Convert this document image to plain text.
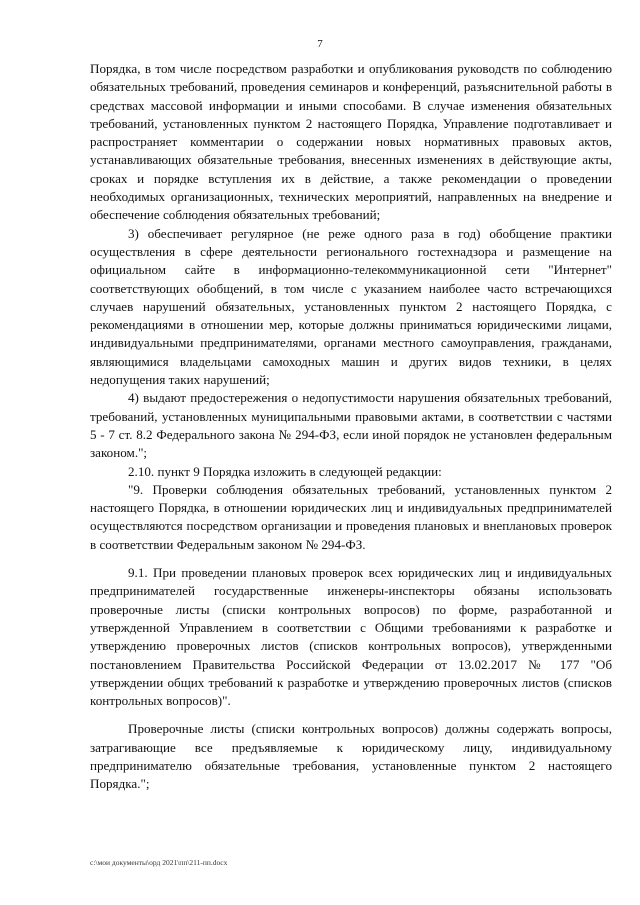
7

Порядка, в том числе посредством разработки и опубликования руководств по соблюдению обязательных требований, проведения семинаров и конференций, разъяснительной работы в средствах массовой информации и иными способами. В случае изменения обязательных требований, установленных пунктом 2 настоящего Порядка, Управление подготавливает и распространяет комментарии о содержании новых нормативных правовых актов, устанавливающих обязательные требования, внесенных изменениях в действующие акты, сроках и порядке вступления их в действие, а также рекомендации о проведении необходимых организационных, технических мероприятий, направленных на внедрение и обеспечение соблюдения обязательных требований;

3) обеспечивает регулярное (не реже одного раза в год) обобщение практики осуществления в сфере деятельности регионального гостехнадзора и размещение на официальном сайте в информационно-телекоммуникационной сети "Интернет" соответствующих обобщений, в том числе с указанием наиболее часто встречающихся случаев нарушений обязательных, установленных пунктом 2 настоящего Порядка, с рекомендациями в отношении мер, которые должны приниматься юридическими лицами, индивидуальными предпринимателями, органами местного самоуправления, гражданами, являющимися владельцами самоходных машин и других видов техники, в целях недопущения таких нарушений;

4) выдают предостережения о недопустимости нарушения обязательных требований, требований, установленных муниципальными правовыми актами, в соответствии с частями 5 - 7 ст. 8.2 Федерального закона № 294-ФЗ, если иной порядок не установлен федеральным законом.";

2.10. пункт 9 Порядка изложить в следующей редакции:

"9. Проверки соблюдения обязательных требований, установленных пунктом 2 настоящего Порядка, в отношении юридических лиц и индивидуальных предпринимателей осуществляются посредством организации и проведения плановых и внеплановых проверок в соответствии Федеральным законом № 294-ФЗ.

9.1. При проведении плановых проверок всех юридических лиц и индивидуальных предпринимателей государственные инженеры-инспекторы обязаны использовать проверочные листы (списки контрольных вопросов) по форме, разработанной и утвержденной Управлением в соответствии с Общими требованиями к разработке и утверждению проверочных листов (списков контрольных вопросов), утвержденными постановлением Правительства Российской Федерации от 13.02.2017 № 177 "Об утверждении общих требований к разработке и утверждению проверочных листов (списков контрольных вопросов)".

Проверочные листы (списки контрольных вопросов) должны содержать вопросы, затрагивающие все предъявляемые к юридическому лицу, индивидуальному предпринимателю обязательные требования, установленные пунктом 2 настоящего Порядка.";

c:\мои документы\орд 2021\пп\211-пп.docx
